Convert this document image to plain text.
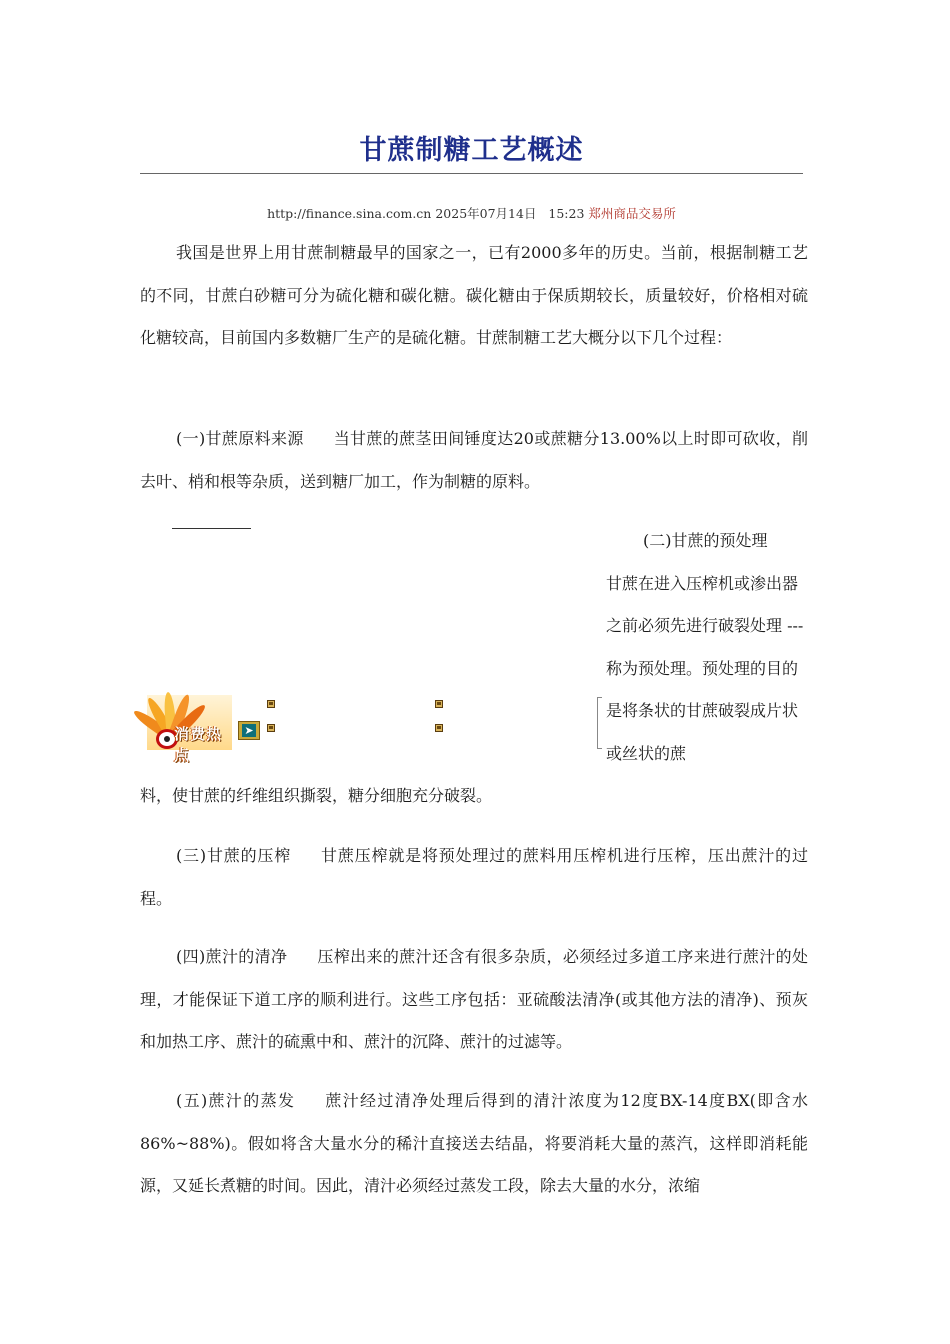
甘蔗制糖工艺概述
http://finance.sina.com.cn 2025年07月14日 15:23 郑州商品交易所

我国是世界上用甘蔗制糖最早的国家之一，已有2000多年的历史。当前，根据制糖工艺的不同，甘蔗白砂糖可分为硫化糖和碳化糖。碳化糖由于保质期较长，质量较好，价格相对硫化糖较高，目前国内多数糖厂生产的是硫化糖。甘蔗制糖工艺大概分以下几个过程：

(一)甘蔗原料来源 当甘蔗的蔗茎田间锤度达20或蔗糖分13.00%以上时即可砍收，削去叶、梢和根等杂质，送到糖厂加工，作为制糖的原料。

消费热点
➤

(二)甘蔗的预处理
甘蔗在进入压榨机或渗出器之前必须先进行破裂处理 --- 称为预处理。预处理的目的是将条状的甘蔗破裂成片状或丝状的蔗

料，使甘蔗的纤维组织撕裂，糖分细胞充分破裂。

(三)甘蔗的压榨 甘蔗压榨就是将预处理过的蔗料用压榨机进行压榨，压出蔗汁的过程。

(四)蔗汁的清净 压榨出来的蔗汁还含有很多杂质，必须经过多道工序来进行蔗汁的处理，才能保证下道工序的顺利进行。这些工序包括：亚硫酸法清净(或其他方法的清净)、预灰和加热工序、蔗汁的硫熏中和、蔗汁的沉降、蔗汁的过滤等。

(五)蔗汁的蒸发 蔗汁经过清净处理后得到的清汁浓度为12度BX-14度BX(即含水86%~88%)。假如将含大量水分的稀汁直接送去结晶，将要消耗大量的蒸汽，这样即消耗能源，又延长煮糖的时间。因此，清汁必须经过蒸发工段，除去大量的水分，浓缩
